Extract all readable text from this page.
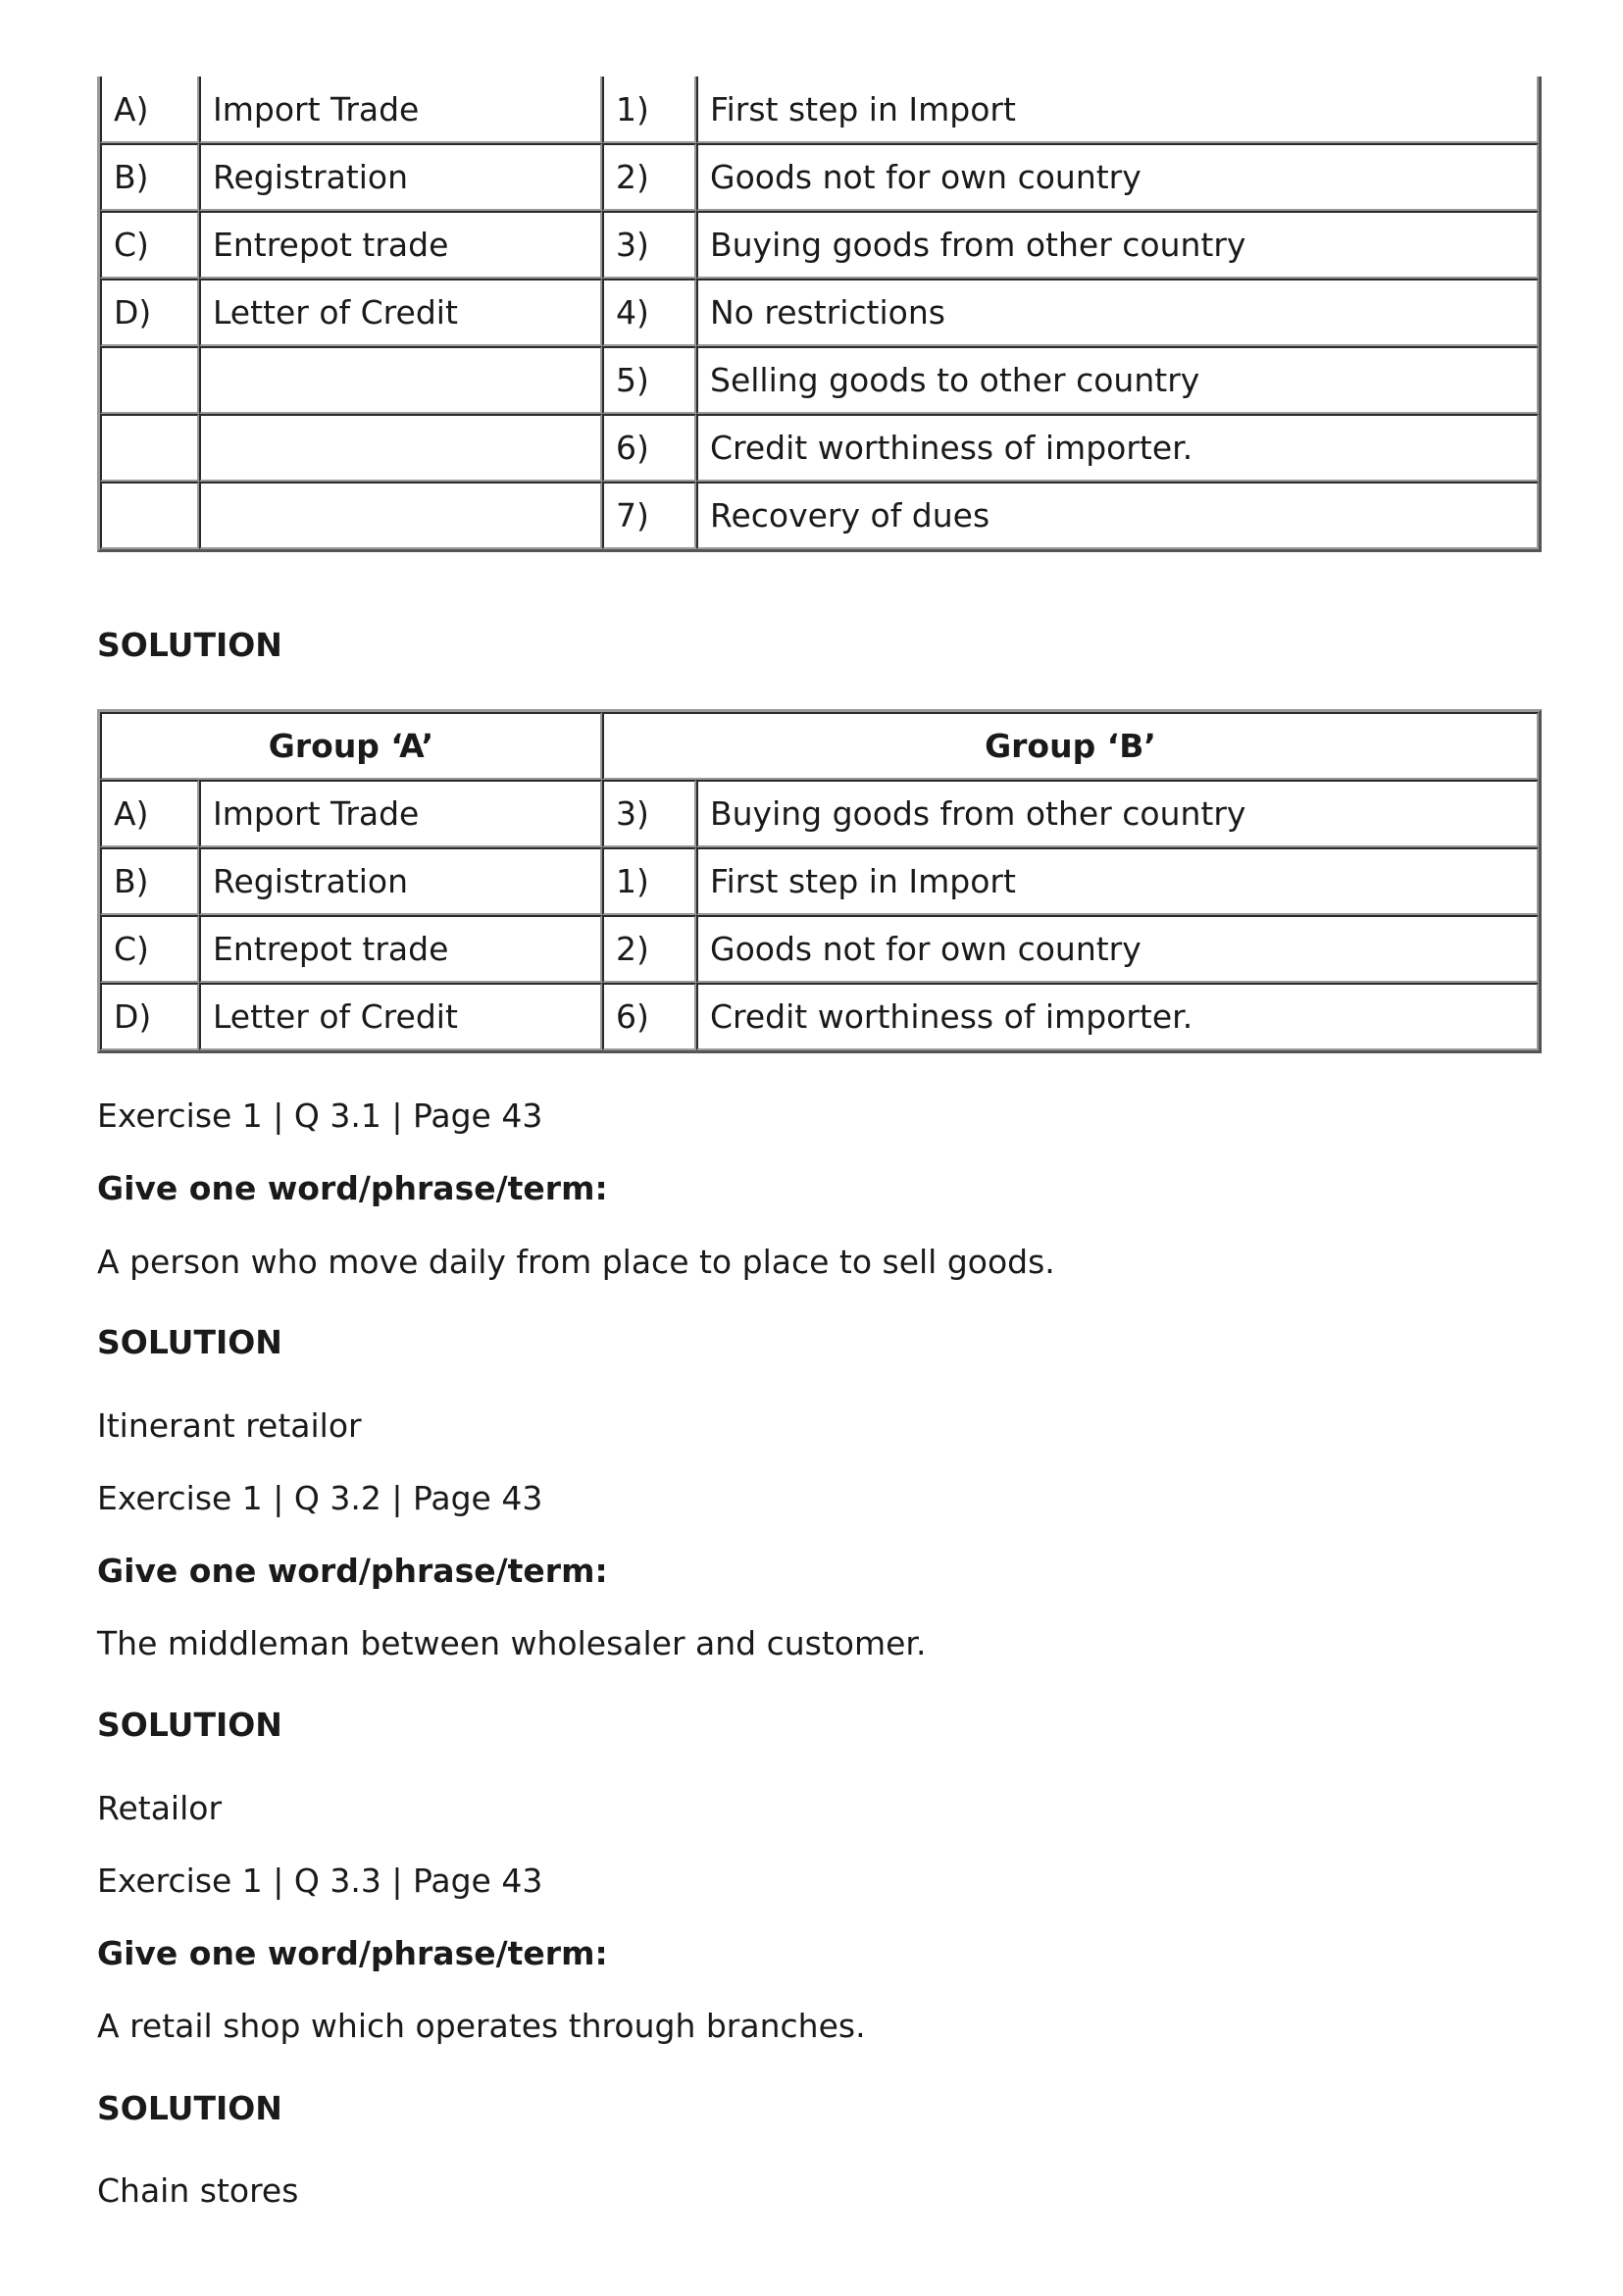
A)	Import Trade	1)	First step in Import
B)	Registration	2)	Goods not for own country
C)	Entrepot trade	3)	Buying goods from other country
D)	Letter of Credit	4)	No restrictions
		5)	Selling goods to other country
		6)	Credit worthiness of importer.
		7)	Recovery of dues

SOLUTION

Group ‘A’		Group ‘B’	
A)	Import Trade	3)	Buying goods from other country
B)	Registration	1)	First step in Import
C)	Entrepot trade	2)	Goods not for own country
D)	Letter of Credit	6)	Credit worthiness of importer.

Exercise 1 | Q 3.1 | Page 43

Give one word/phrase/term:

A person who move daily from place to place to sell goods.

SOLUTION

Itinerant retailor

Exercise 1 | Q 3.2 | Page 43

Give one word/phrase/term:

The middleman between wholesaler and customer.

SOLUTION

Retailor

Exercise 1 | Q 3.3 | Page 43

Give one word/phrase/term:

A retail shop which operates through branches.

SOLUTION

Chain stores
